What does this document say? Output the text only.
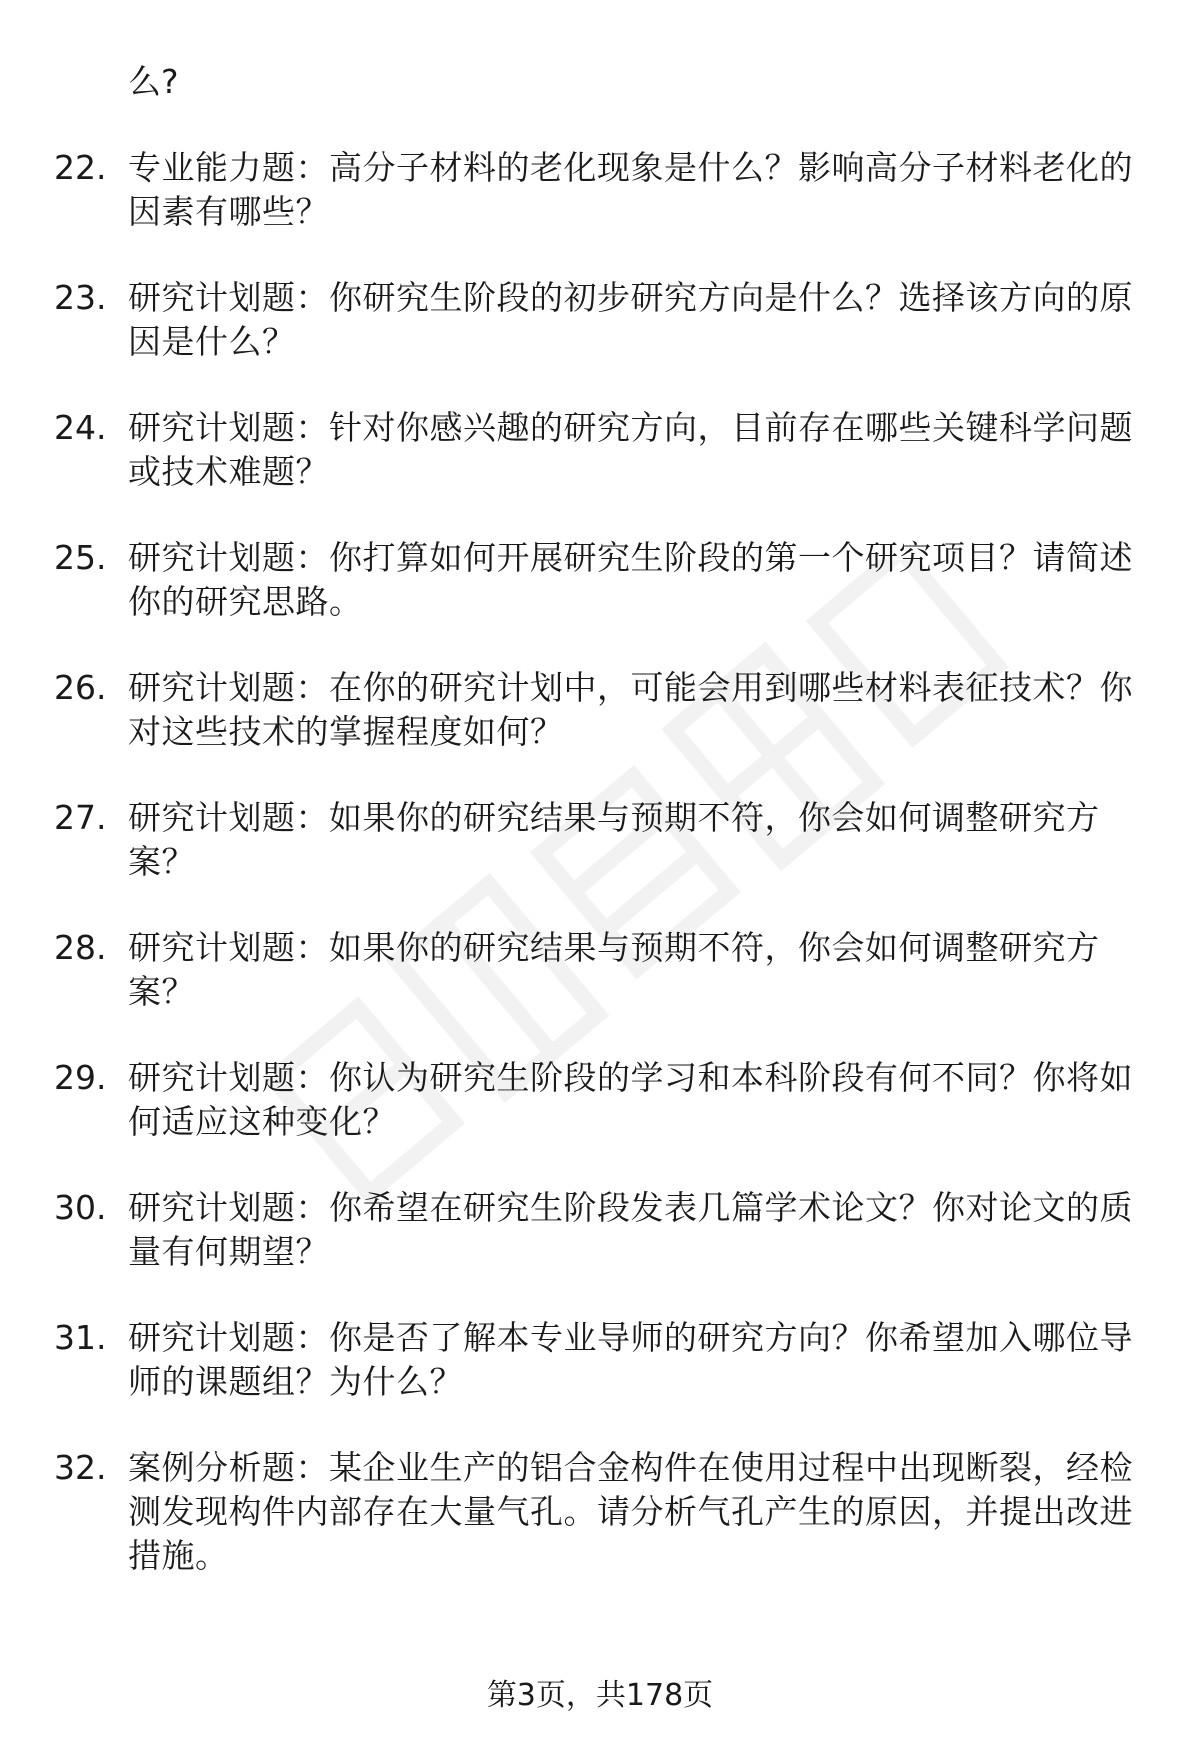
么?

22. 专业能力题：高分子材料的老化现象是什么？影响高分子材料老化的因素有哪些？
23. 研究计划题：你研究生阶段的初步研究方向是什么？选择该方向的原因是什么？
24. 研究计划题：针对你感兴趣的研究方向，目前存在哪些关键科学问题或技术难题？
25. 研究计划题：你打算如何开展研究生阶段的第一个研究项目？请简述你的研究思路。
26. 研究计划题：在你的研究计划中，可能会用到哪些材料表征技术？你对这些技术的掌握程度如何？
27. 研究计划题：如果你的研究结果与预期不符，你会如何调整研究方案？
28. 研究计划题：如果你的研究结果与预期不符，你会如何调整研究方案？
29. 研究计划题：你认为研究生阶段的学习和本科阶段有何不同？你将如何适应这种变化？
30. 研究计划题：你希望在研究生阶段发表几篇学术论文？你对论文的质量有何期望？
31. 研究计划题：你是否了解本专业导师的研究方向？你希望加入哪位导师的课题组？为什么？
32. 案例分析题：某企业生产的铝合金构件在使用过程中出现断裂，经检测发现构件内部存在大量气孔。请分析气孔产生的原因，并提出改进措施。
第3页，共178页
